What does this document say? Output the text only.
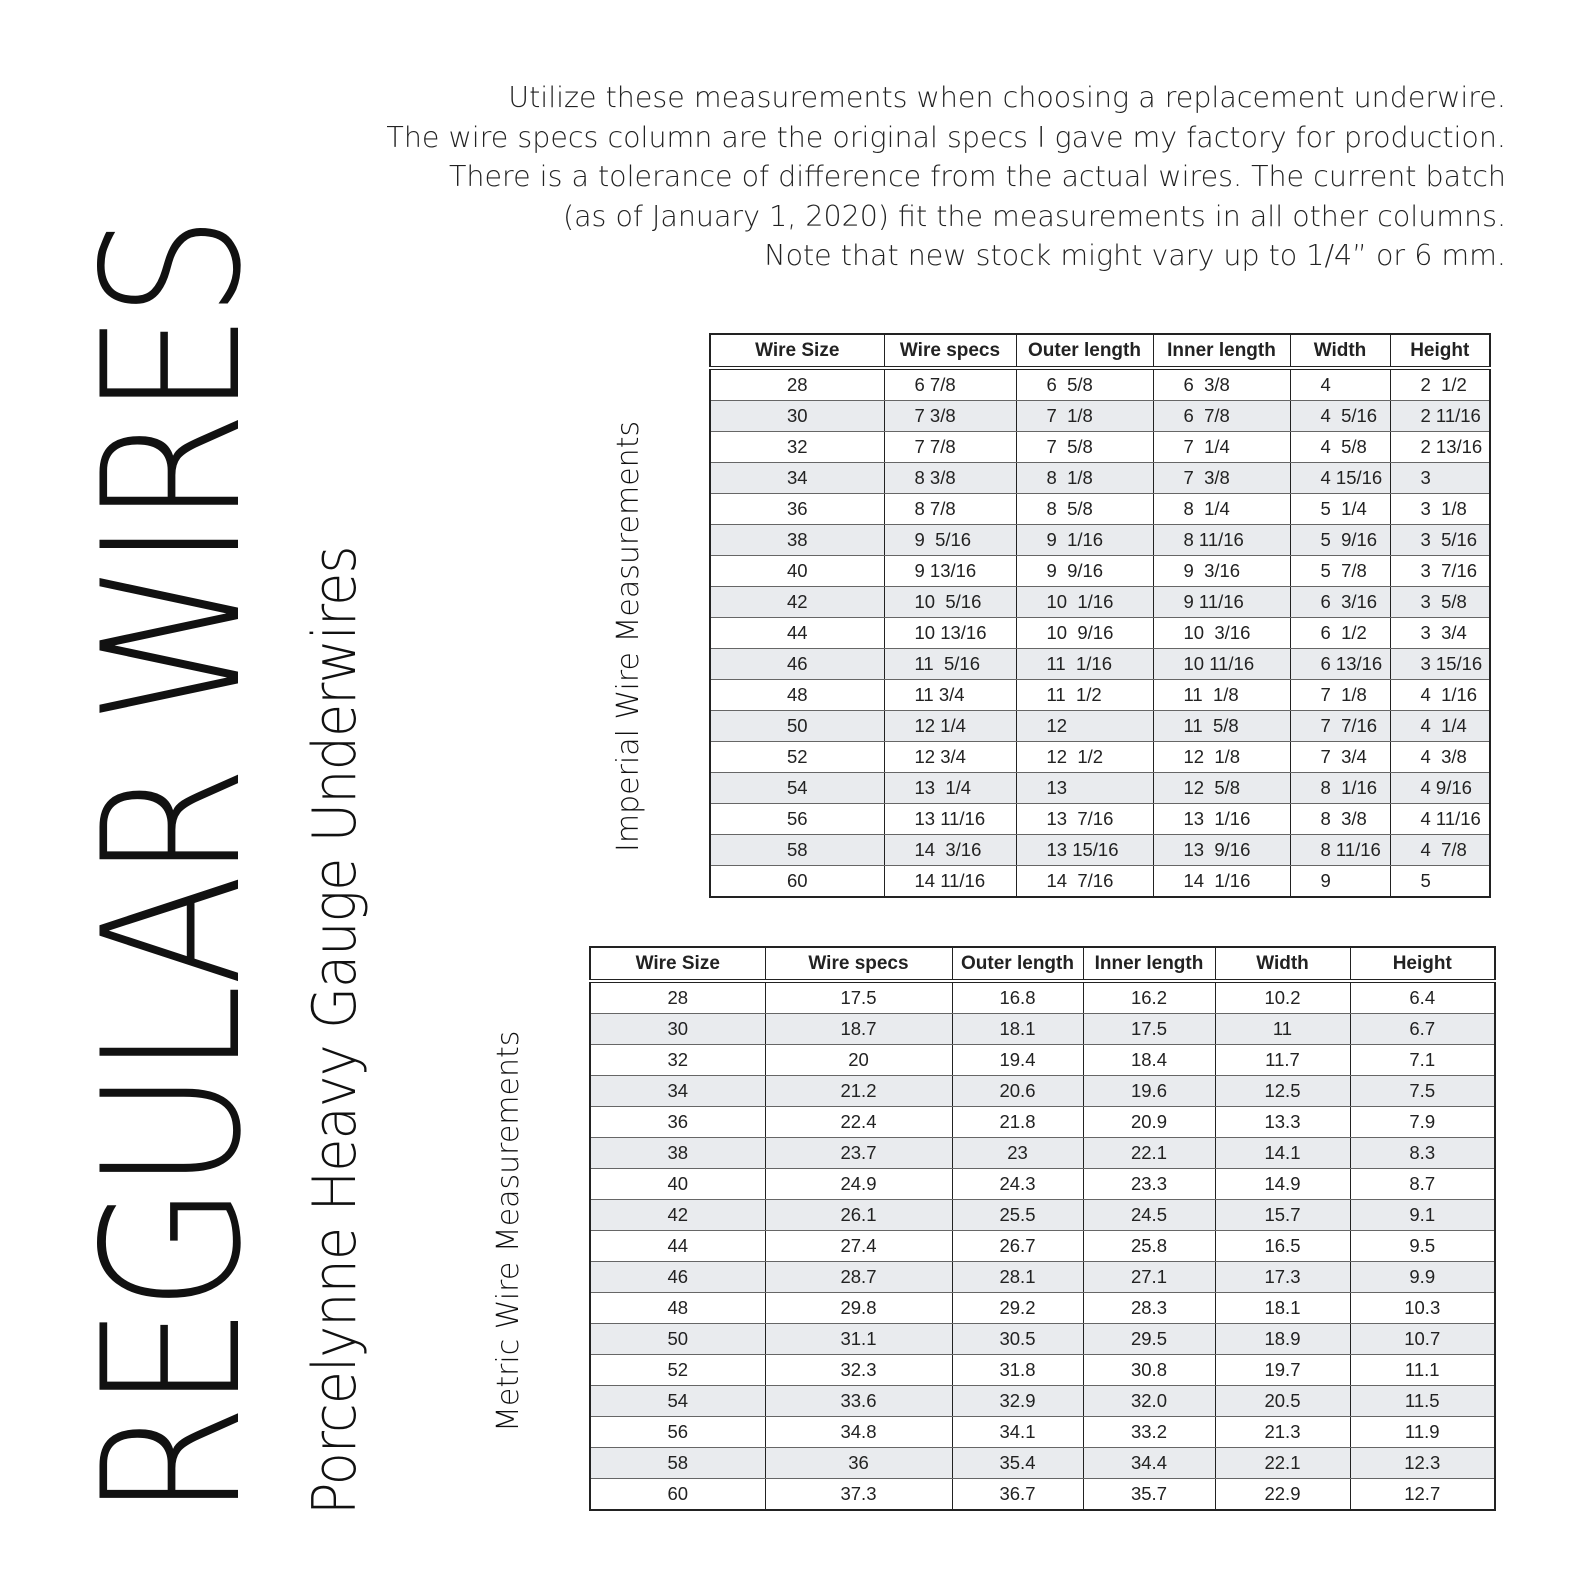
REGULAR WIRES Porcelynne Heavy Gauge Underwires
Utilize these measurements when choosing a replacement underwire.
The wire specs column are the original specs I gave my factory for production.
There is a tolerance of difference from the actual wires. The current batch
(as of January 1, 2020) fit the measurements in all other columns.
Note that new stock might vary up to 1/4” or 6 mm.
Imperial Wire Measurements
Wire Size	Wire specs	Outer length	Inner length	Width	Height
28	6 7/8	6  5/8	6  3/8	4	2  1/2
30	7 3/8	7  1/8	6  7/8	4  5/16	2 11/16
32	7 7/8	7  5/8	7  1/4	4  5/8	2 13/16
34	8 3/8	8  1/8	7  3/8	4 15/16	3
36	8 7/8	8  5/8	8  1/4	5  1/4	3  1/8
38	9  5/16	9  1/16	8 11/16	5  9/16	3  5/16
40	9 13/16	9  9/16	9  3/16	5  7/8	3  7/16
42	10  5/16	10  1/16	9 11/16	6  3/16	3  5/8
44	10 13/16	10  9/16	10  3/16	6  1/2	3  3/4
46	11  5/16	11  1/16	10 11/16	6 13/16	3 15/16
48	11 3/4	11  1/2	11  1/8	7  1/8	4  1/16
50	12 1/4	12	11  5/8	7  7/16	4  1/4
52	12 3/4	12  1/2	12  1/8	7  3/4	4  3/8
54	13  1/4	13	12  5/8	8  1/16	4 9/16
56	13 11/16	13  7/16	13  1/16	8  3/8	4 11/16
58	14  3/16	13 15/16	13  9/16	8 11/16	4  7/8
60	14 11/16	14  7/16	14  1/16	9	5
Metric Wire Measurements
Wire Size	Wire specs	Outer length	Inner length	Width	Height
28	17.5	16.8	16.2	10.2	6.4
30	18.7	18.1	17.5	11	6.7
32	20	19.4	18.4	11.7	7.1
34	21.2	20.6	19.6	12.5	7.5
36	22.4	21.8	20.9	13.3	7.9
38	23.7	23	22.1	14.1	8.3
40	24.9	24.3	23.3	14.9	8.7
42	26.1	25.5	24.5	15.7	9.1
44	27.4	26.7	25.8	16.5	9.5
46	28.7	28.1	27.1	17.3	9.9
48	29.8	29.2	28.3	18.1	10.3
50	31.1	30.5	29.5	18.9	10.7
52	32.3	31.8	30.8	19.7	11.1
54	33.6	32.9	32.0	20.5	11.5
56	34.8	34.1	33.2	21.3	11.9
58	36	35.4	34.4	22.1	12.3
60	37.3	36.7	35.7	22.9	12.7
